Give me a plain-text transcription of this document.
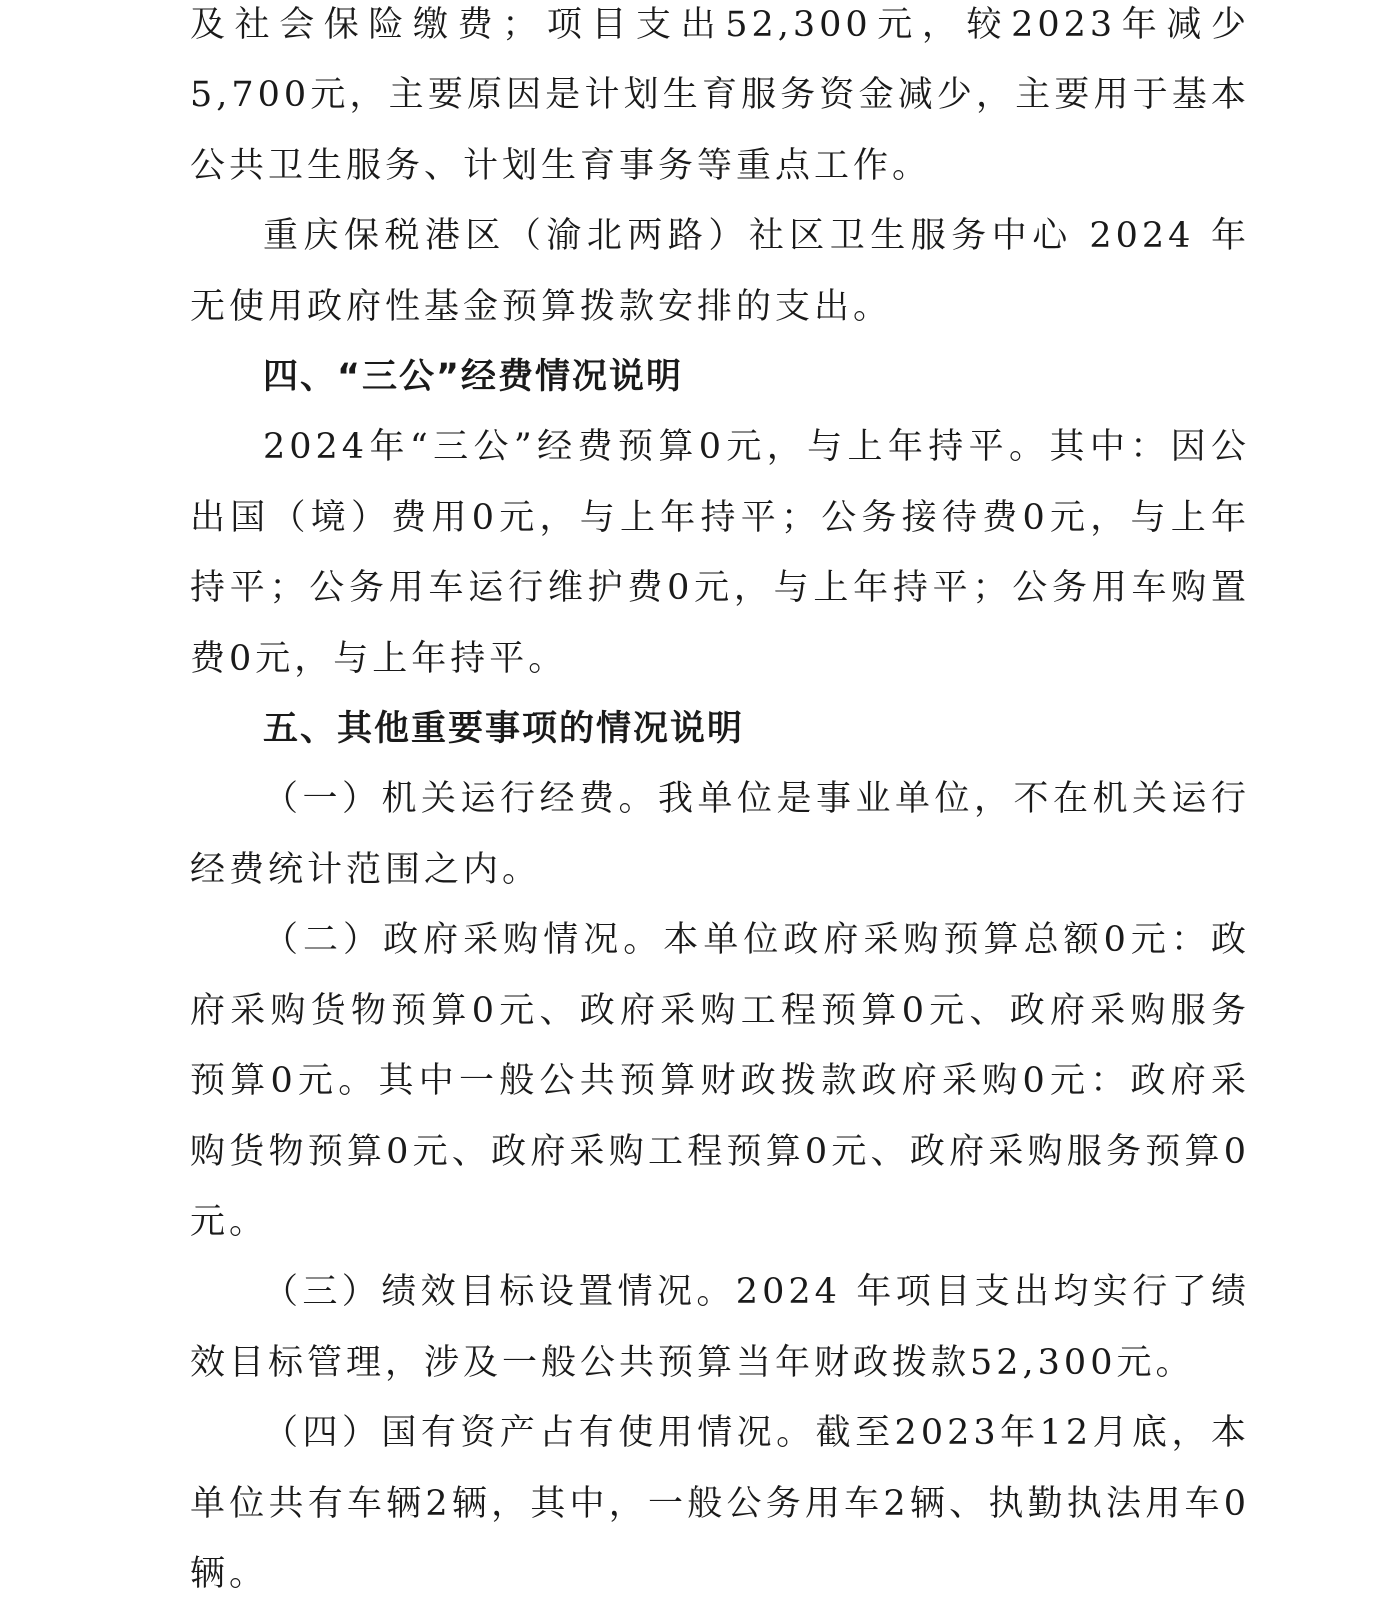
及社会保险缴费；项目支出52,300元，较2023年减少5,700元，主要原因是计划生育服务资金减少，主要用于基本公共卫生服务、计划生育事务等重点工作。

重庆保税港区（渝北两路）社区卫生服务中心 2024 年无使用政府性基金预算拨款安排的支出。

四、“三公”经费情况说明

2024年“三公”经费预算0元，与上年持平。其中：因公出国（境）费用0元，与上年持平；公务接待费0元，与上年持平；公务用车运行维护费0元，与上年持平；公务用车购置费0元，与上年持平。

五、其他重要事项的情况说明

（一）机关运行经费。我单位是事业单位，不在机关运行经费统计范围之内。

（二）政府采购情况。本单位政府采购预算总额0元：政府采购货物预算0元、政府采购工程预算0元、政府采购服务预算0元。其中一般公共预算财政拨款政府采购0元：政府采购货物预算0元、政府采购工程预算0元、政府采购服务预算0元。

（三）绩效目标设置情况。2024 年项目支出均实行了绩效目标管理，涉及一般公共预算当年财政拨款52,300元。

（四）国有资产占有使用情况。截至2023年12月底，本单位共有车辆2辆，其中，一般公务用车2辆、执勤执法用车0辆。
